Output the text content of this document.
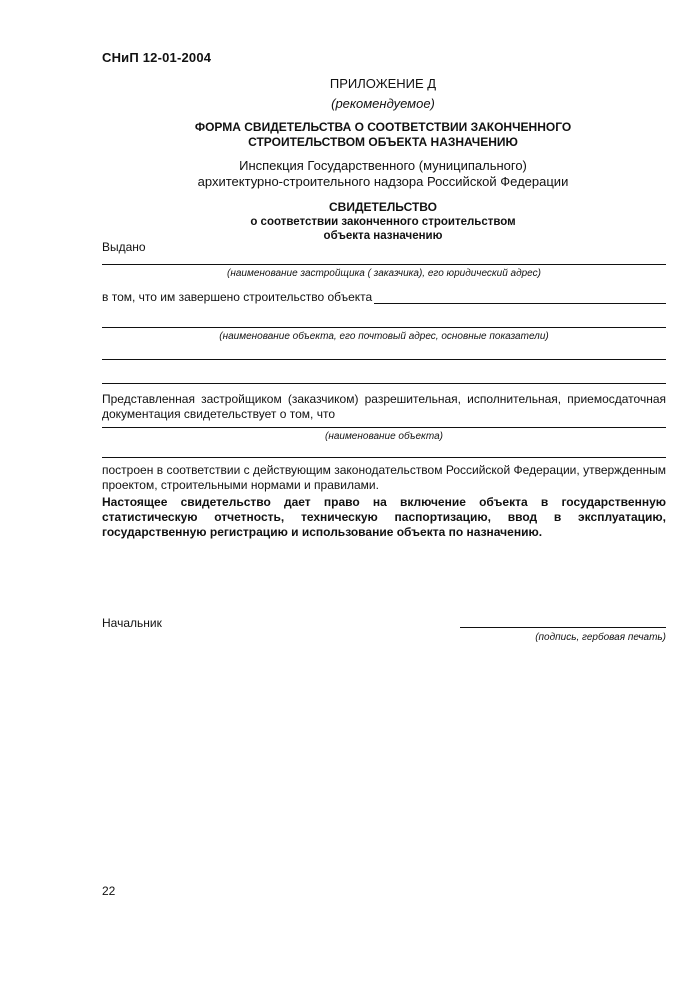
СНиП 12-01-2004
ПРИЛОЖЕНИЕ Д
(рекомендуемое)
ФОРМА СВИДЕТЕЛЬСТВА О СООТВЕТСТВИИ ЗАКОНЧЕННОГО
СТРОИТЕЛЬСТВОМ ОБЪЕКТА НАЗНАЧЕНИЮ
Инспекция Государственного (муниципального)
архитектурно-строительного надзора Российской Федерации
СВИДЕТЕЛЬСТВО
о соответствии законченного строительством
объекта назначению
Выдано
(наименование застройщика ( заказчика), его юридический адрес)
в том, что им завершено строительство объекта
(наименование объекта, его почтовый адрес, основные показатели)
Представленная застройщиком (заказчиком) разрешительная, исполнительная, приемосдаточная документация свидетельствует о том, что
(наименование объекта)
построен в соответствии с действующим законодательством Российской Федерации, утвержденным проектом, строительными нормами и правилами.
Настоящее свидетельство дает право на включение объекта в государственную статистическую отчетность, техническую паспортизацию, ввод в эксплуатацию, государственную регистрацию и использование объекта по назначению.
Начальник
(подпись, гербовая печать)
22
